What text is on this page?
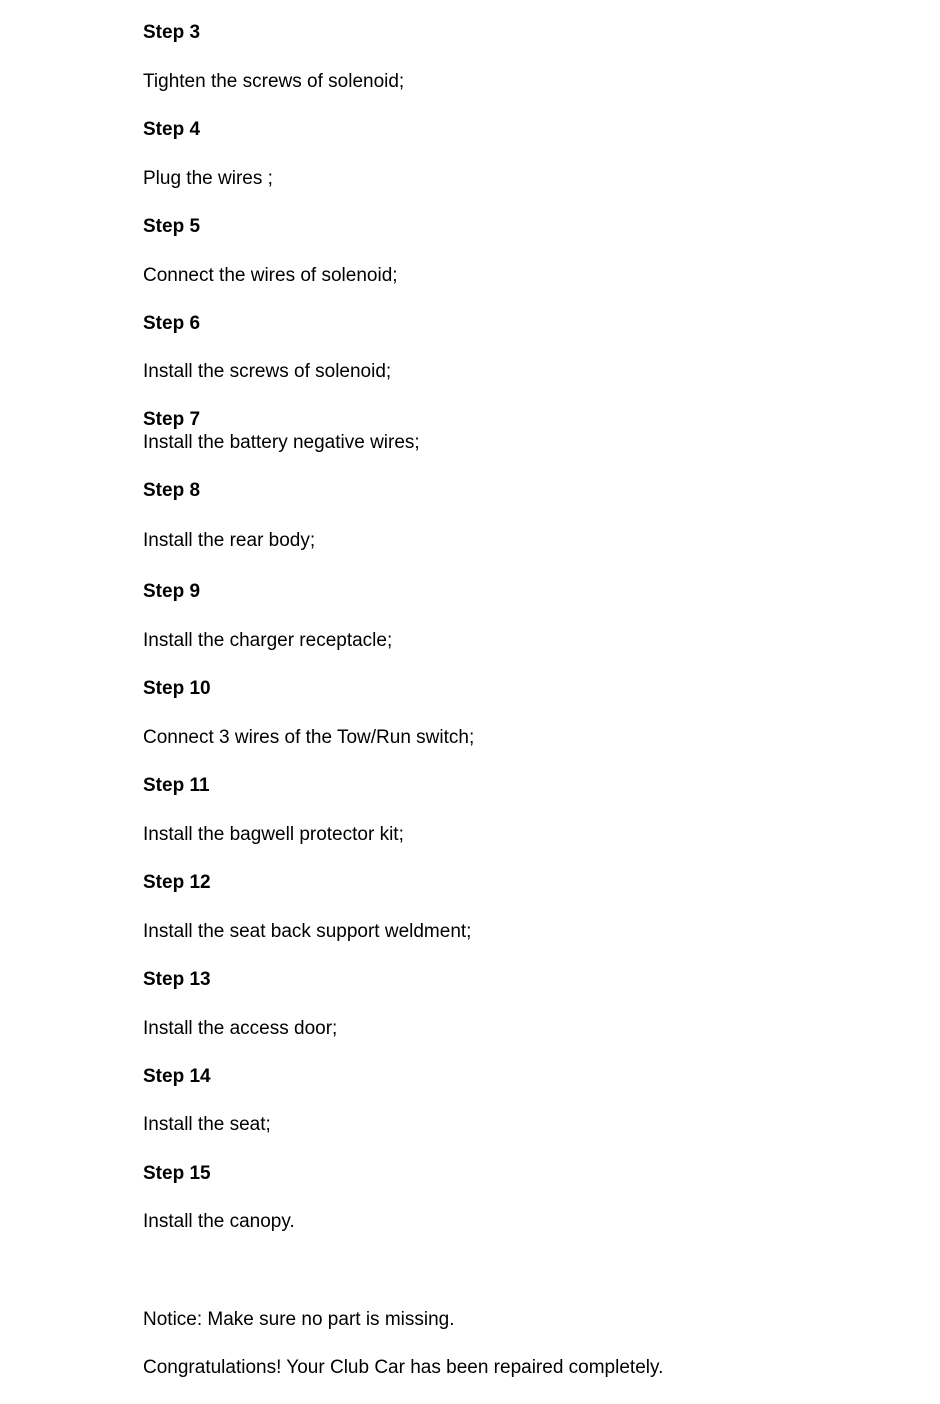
Step 3
Tighten the screws of solenoid;
Step 4
Plug the wires ;
Step 5
Connect the wires of solenoid;
Step 6
Install the screws of solenoid;
Step 7
Install the battery negative wires;
Step 8
Install the rear body;
Step 9
Install the charger receptacle;
Step 10
Connect 3 wires of the Tow/Run switch;
Step 11
Install the bagwell protector kit;
Step 12
Install the seat back support weldment;
Step 13
Install the access door;
Step 14
Install the seat;
Step 15
Install the canopy.
Notice: Make sure no part is missing.
Congratulations! Your Club Car has been repaired completely.
